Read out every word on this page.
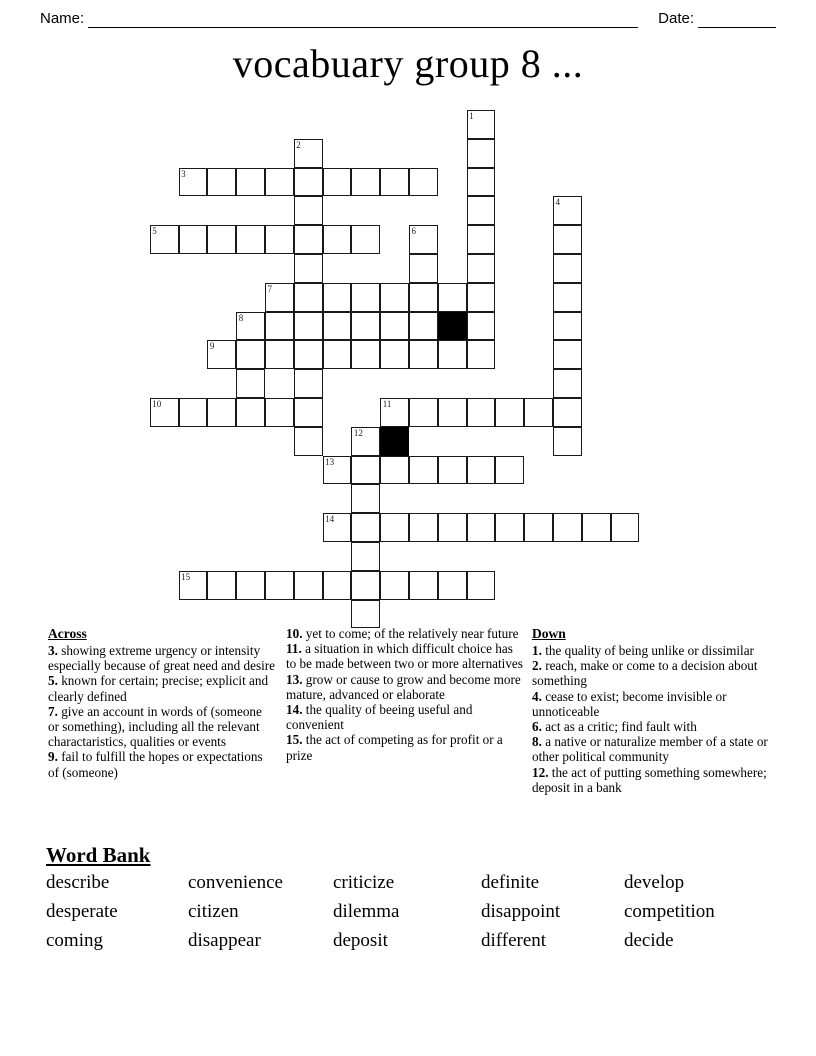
Name:	Date:
vocabuary group 8 ...
1
2
3
4
5	6
7
8
9
10	11
12
13
14
15
Across
3. showing extreme urgency or intensity especially because of great need and desire
5. known for certain; precise; explicit and clearly defined
7. give an account in words of (someone or something), including all the relevant charactaristics, qualities or events
9. fail to fulfill the hopes or expectations of (someone)
10. yet to come; of the relatively near future
11. a situation in which difficult choice has to be made between two or more alternatives
13. grow or cause to grow and become more mature, advanced or elaborate
14. the quality of beeing useful and convenient
15. the act of competing as for profit or a prize
Down
1. the quality of being unlike or dissimilar
2. reach, make or come to a decision about something
4. cease to exist; become invisible or unnoticeable
6. act as a critic; find fault with
8. a native or naturalize member of a state or other political community
12. the act of putting something somewhere; deposit in a bank
Word Bank
describe	convenience	criticize	definite	develop
desperate	citizen	dilemma	disappoint	competition
coming	disappear	deposit	different	decide
